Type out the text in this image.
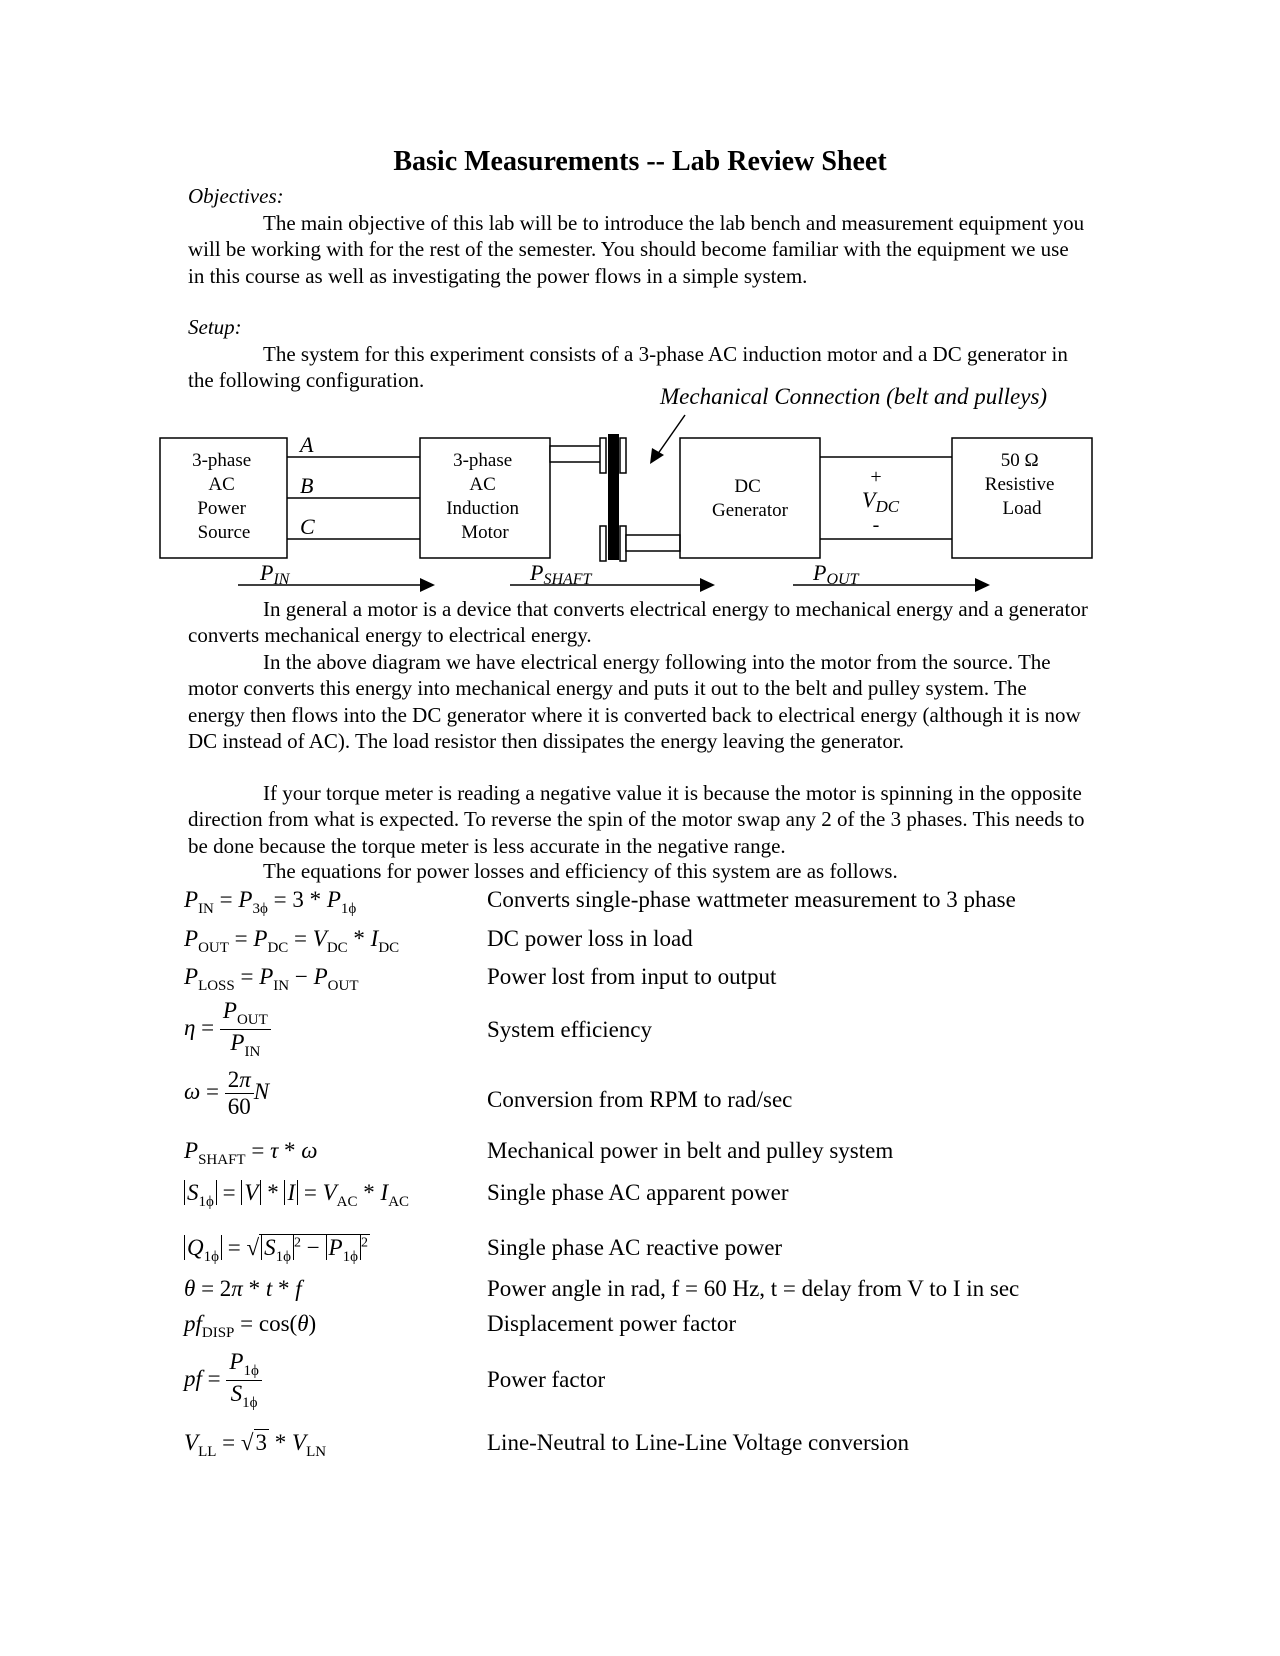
Basic Measurements -- Lab Review Sheet
Objectives:

The main objective of this lab will be to introduce the lab bench and measurement equipment you will be working with for the rest of the semester. You should become familiar with the equipment we use in this course as well as investigating the power flows in a simple system.

Setup:

The system for this experiment consists of a 3-phase AC induction motor and a DC generator in the following configuration.

Mechanical Connection (belt and pulleys)
3-phase AC Power Source
A
B
C
3-phase AC Induction Motor
DC Generator
+
$V_{DC}$
-
50 Ω Resistive Load
PIN	PSHAFT	POUT

In general a motor is a device that converts electrical energy to mechanical energy and a generator converts mechanical energy to electrical energy.

In the above diagram we have electrical energy following into the motor from the source. The motor converts this energy into mechanical energy and puts it out to the belt and pulley system. The energy then flows into the DC generator where it is converted back to electrical energy (although it is now DC instead of AC). The load resistor then dissipates the energy leaving the generator.

If your torque meter is reading a negative value it is because the motor is spinning in the opposite direction from what is expected. To reverse the spin of the motor swap any 2 of the 3 phases. This needs to be done because the torque meter is less accurate in the negative range.

The equations for power losses and efficiency of this system are as follows.

$P_{IN} = P_{3\phi} = 3 * P_{1\phi}$	Converts single-phase wattmeter measurement to 3 phase
$P_{OUT} = P_{DC} = V_{DC} * I_{DC}$	DC power loss in load
$P_{LOSS} = P_{IN} - P_{OUT}$	Power lost from input to output
$\eta = \frac{P_{OUT}}{P_{IN}}$	System efficiency
$\omega = \frac{2\pi}{60}$ N	Conversion from RPM to rad/sec
$P_{SHAFT} = \tau * \omega$	Mechanical power in belt and pulley system
$S_{1\phi} = V * I = V_{AC} * I_{AC}$	Single phase AC apparent power
$Q_{1\phi}$ = √ $S_{1\phi}^2 - P_{1\phi}^2$	Single phase AC reactive power
θ = 2π * t * f	Power angle in rad, f = 60 Hz, t = delay from V to I in sec
$pf_{DISP} = \cos(\theta)$	Displacement power factor
pf = $\frac{P_{1\phi}}{S_{1\phi}}$	Power factor
$V_{LL} = √3 * V_{LN}$	Line-Neutral to Line-Line Voltage conversion
